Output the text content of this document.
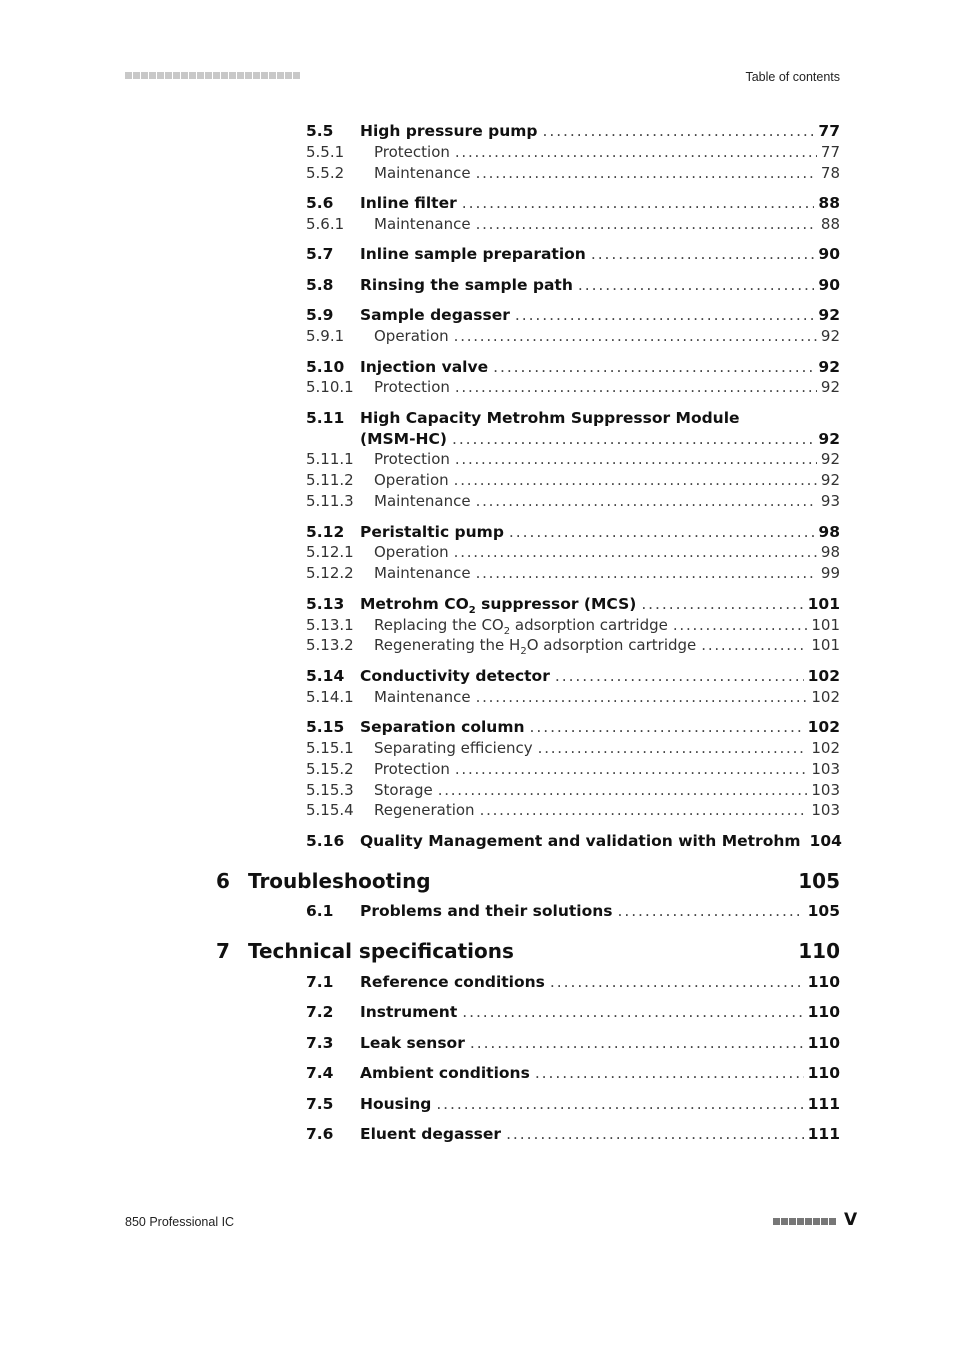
Table of contents
5.5	High pressure pump . . .	77
5.5.1	Protection . . .	77
5.5.2	Maintenance . . .	78
5.6	Inline filter . . .	88
5.6.1	Maintenance . . .	88
5.7	Inline sample preparation . . .	90
5.8	Rinsing the sample path . . .	90
5.9	Sample degasser . . .	92
5.9.1	Operation . . .	92
5.10	Injection valve . . .	92
5.10.1	Protection . . .	92
5.11	High Capacity Metrohm Suppressor Module
(MSM-HC) . . .	92
5.11.1	Protection . . .	92
5.11.2	Operation . . .	92
5.11.3	Maintenance . . .	93
5.12	Peristaltic pump . . .	98
5.12.1	Operation . . .	98
5.12.2	Maintenance . . .	99
5.13	Metrohm $CO_2$ suppressor (MCS) . . .	101
5.13.1	Replacing the $CO_2$ adsorption cartridge . . .	101
5.13.2	Regenerating the $H_2O$ adsorption cartridge . . .	101
5.14	Conductivity detector . . .	102
5.14.1	Maintenance . . .	102
5.15	Separation column . . .	102
5.15.1	Separating efficiency . . .	102
5.15.2	Protection . . .	103
5.15.3	Storage . . .	103
5.15.4	Regeneration . . .	103
5.16	Quality Management and validation with Metrohm 104
6 Troubleshooting	105
6.1	Problems and their solutions . . .	105
7 Technical specifications	110
7.1	Reference conditions . . .	110
7.2	Instrument . . .	110
7.3	Leak sensor . . .	110
7.4	Ambient conditions . . .	110
7.5	Housing . . .	111
7.6	Eluent degasser . . .	111
850 Professional IC	V
